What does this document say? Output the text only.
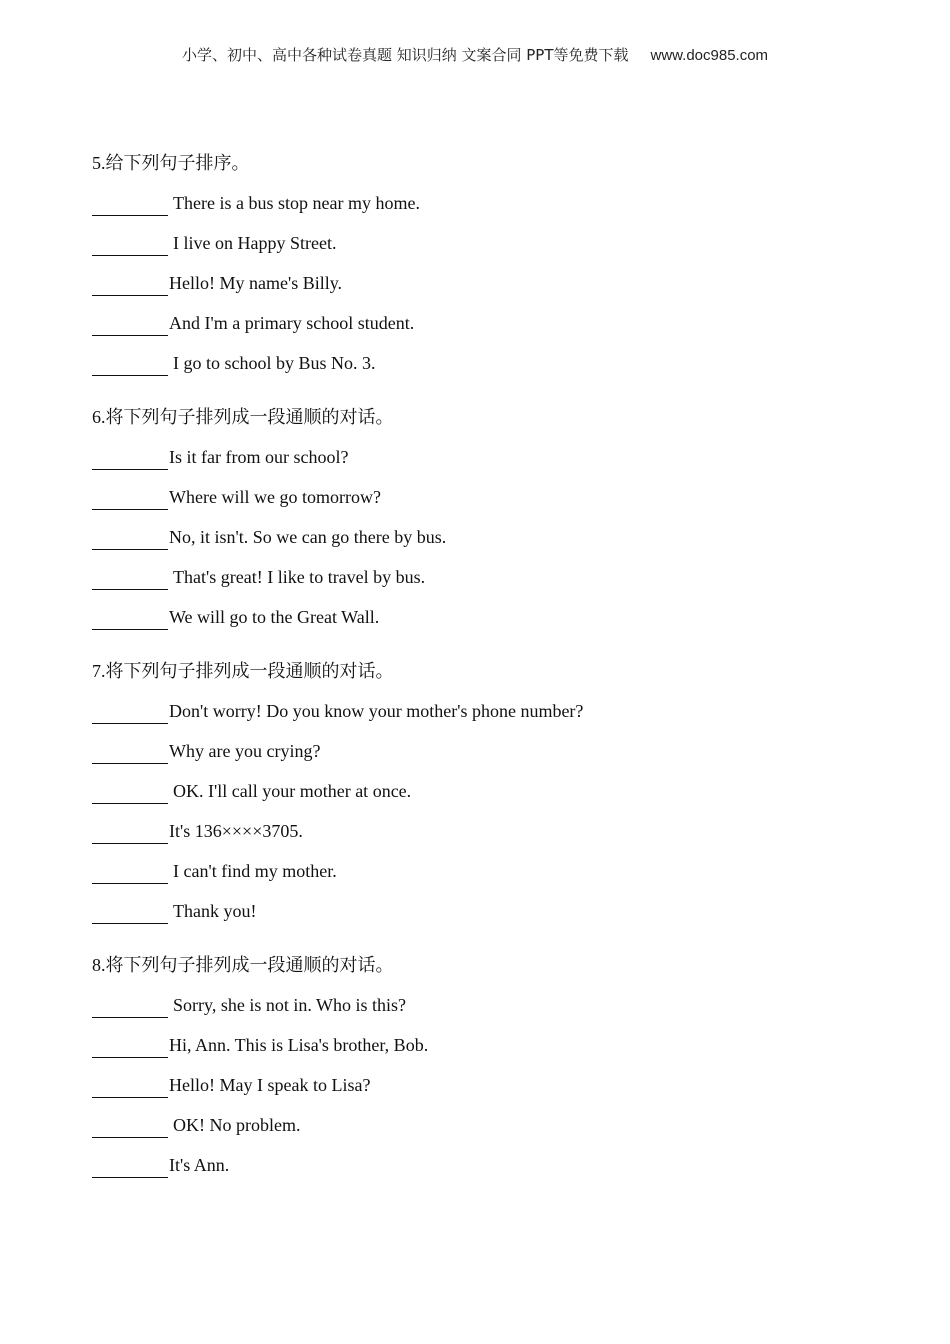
小学、初中、高中各种试卷真题 知识归纳 文案合同 PPT等免费下载 www.doc985.com
5.给下列句子排序。
There is a bus stop near my home.
I live on Happy Street.
Hello! My name's Billy.
And I'm a primary school student.
I go to school by Bus No. 3.
6.将下列句子排列成一段通顺的对话。
Is it far from our school?
Where will we go tomorrow?
No, it isn't. So we can go there by bus.
That's great! I like to travel by bus.
We will go to the Great Wall.
7.将下列句子排列成一段通顺的对话。
Don't worry! Do you know your mother's phone number?
Why are you crying?
OK. I'll call your mother at once.
It's 136××××3705.
I can't find my mother.
Thank you!
8.将下列句子排列成一段通顺的对话。
Sorry, she is not in. Who is this?
Hi, Ann. This is Lisa's brother, Bob.
Hello! May I speak to Lisa?
OK! No problem.
It's Ann.
